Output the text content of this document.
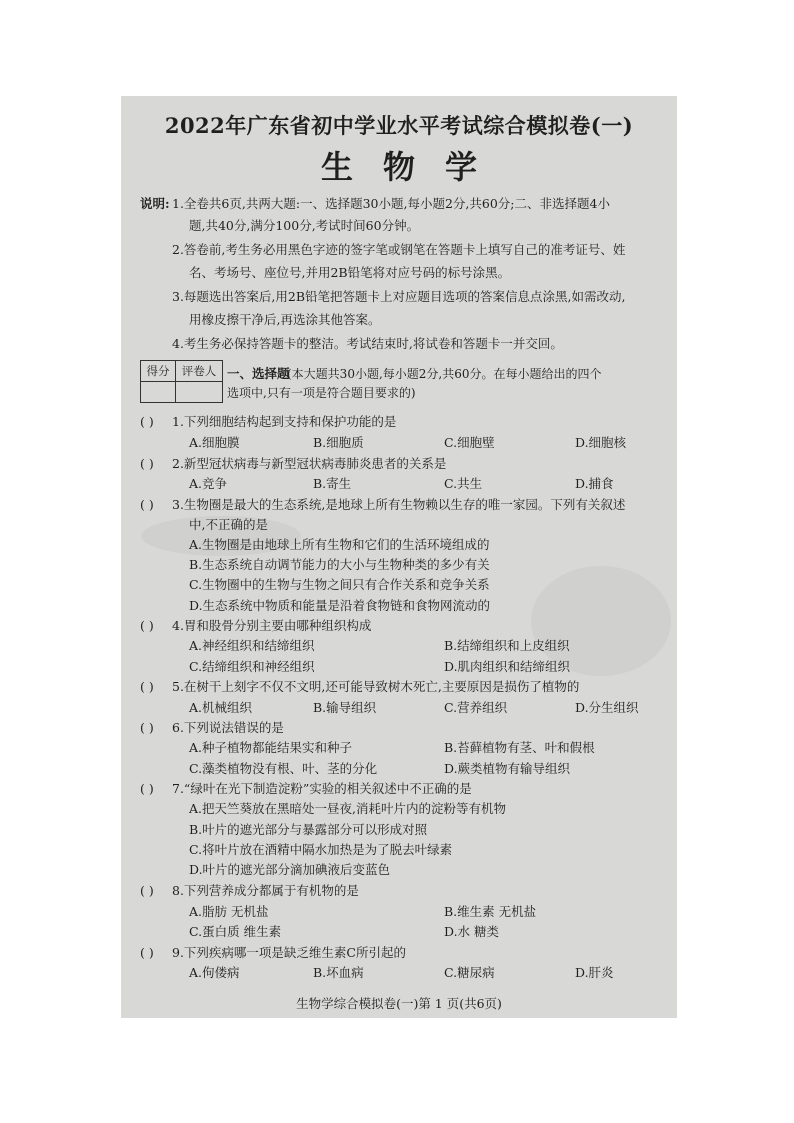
2022年广东省初中学业水平考试综合模拟卷(一)
生物学
说明: 1.全卷共6页,共两大题:一、选择题30小题,每小题2分,共60分;二、非选择题4小
题,共40分,满分100分,考试时间60分钟。
2.答卷前,考生务必用黑色字迹的签字笔或钢笔在答题卡上填写自己的准考证号、姓
名、考场号、座位号,并用2B铅笔将对应号码的标号涂黑。
3.每题选出答案后,用2B铅笔把答题卡上对应题目选项的答案信息点涂黑,如需改动,
用橡皮擦干净后,再选涂其他答案。
4.考生务必保持答题卡的整洁。考试结束时,将试卷和答题卡一并交回。
得分	评卷人
	一、选择题
(本大题共30小题,每小题2分,共60分。在每小题给出的四个
选项中,只有一项是符合题目要求的)
( ) 1.下列细胞结构起到支持和保护功能的是
A.细胞膜	B.细胞质	C.细胞壁	D.细胞核
( ) 2.新型冠状病毒与新型冠状病毒肺炎患者的关系是
A.竞争	B.寄生	C.共生	D.捕食
( ) 3.生物圈是最大的生态系统,是地球上所有生物赖以生存的唯一家园。下列有关叙述
中,不正确的是
A.生物圈是由地球上所有生物和它们的生活环境组成的
B.生态系统自动调节能力的大小与生物种类的多少有关
C.生物圈中的生物与生物之间只有合作关系和竞争关系
D.生态系统中物质和能量是沿着食物链和食物网流动的
( ) 4.胃和股骨分别主要由哪种组织构成
A.神经组织和结缔组织	B.结缔组织和上皮组织
C.结缔组织和神经组织	D.肌肉组织和结缔组织
( ) 5.在树干上刻字不仅不文明,还可能导致树木死亡,主要原因是损伤了植物的
A.机械组织	B.输导组织	C.营养组织	D.分生组织
( ) 6.下列说法错误的是
A.种子植物都能结果实和种子	B.苔藓植物有茎、叶和假根
C.藻类植物没有根、叶、茎的分化	D.蕨类植物有输导组织
( ) 7.“绿叶在光下制造淀粉”实验的相关叙述中不正确的是
A.把天竺葵放在黑暗处一昼夜,消耗叶片内的淀粉等有机物
B.叶片的遮光部分与暴露部分可以形成对照
C.将叶片放在酒精中隔水加热是为了脱去叶绿素
D.叶片的遮光部分滴加碘液后变蓝色
( ) 8.下列营养成分都属于有机物的是
A.脂肪 无机盐	B.维生素 无机盐
C.蛋白质 维生素	D.水 糖类
( ) 9.下列疾病哪一项是缺乏维生素C所引起的
A.佝偻病	B.坏血病	C.糖尿病	D.肝炎
生物学综合模拟卷(一)第 1 页(共6页)
